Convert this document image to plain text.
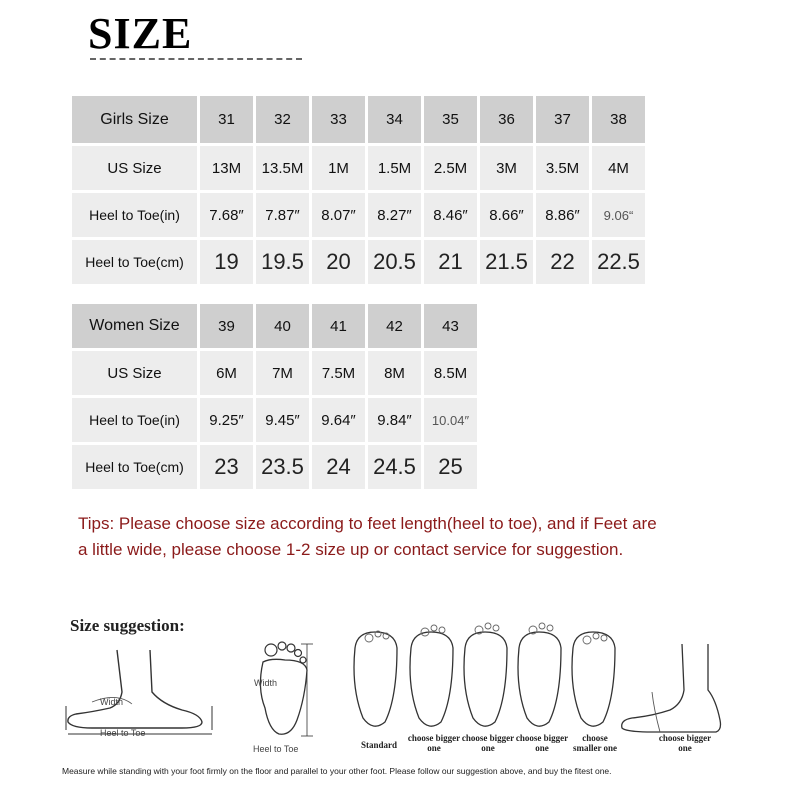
SIZE
Girls Size	31	32	33	34	35	36	37	38
US Size	13M	13.5M	1M	1.5M	2.5M	3M	3.5M	4M
Heel to Toe(in)	7.68″	7.87″	8.07″	8.27″	8.46″	8.66″	8.86″	9.06“
Heel to Toe(cm)	19	19.5	20	20.5	21	21.5	22	22.5
Women Size	39	40	41	42	43
US Size	6M	7M	7.5M	8M	8.5M
Heel to Toe(in)	9.25″	9.45″	9.64″	9.84″	10.04″
Heel to Toe(cm)	23	23.5	24	24.5	25
Tips: Please choose size according to feet length(heel to toe), and if Feet are a little wide, please choose 1-2 size up or contact service for suggestion.
Size suggestion:
Width
Heel to Toe
Width
Heel to Toe	Standard
choose bigger one
choose bigger one
choose bigger one
choose smaller one
choose bigger one
Measure while standing with your foot firmly on the floor and parallel to your other foot. Please follow our suggestion above, and buy the fitest one.
